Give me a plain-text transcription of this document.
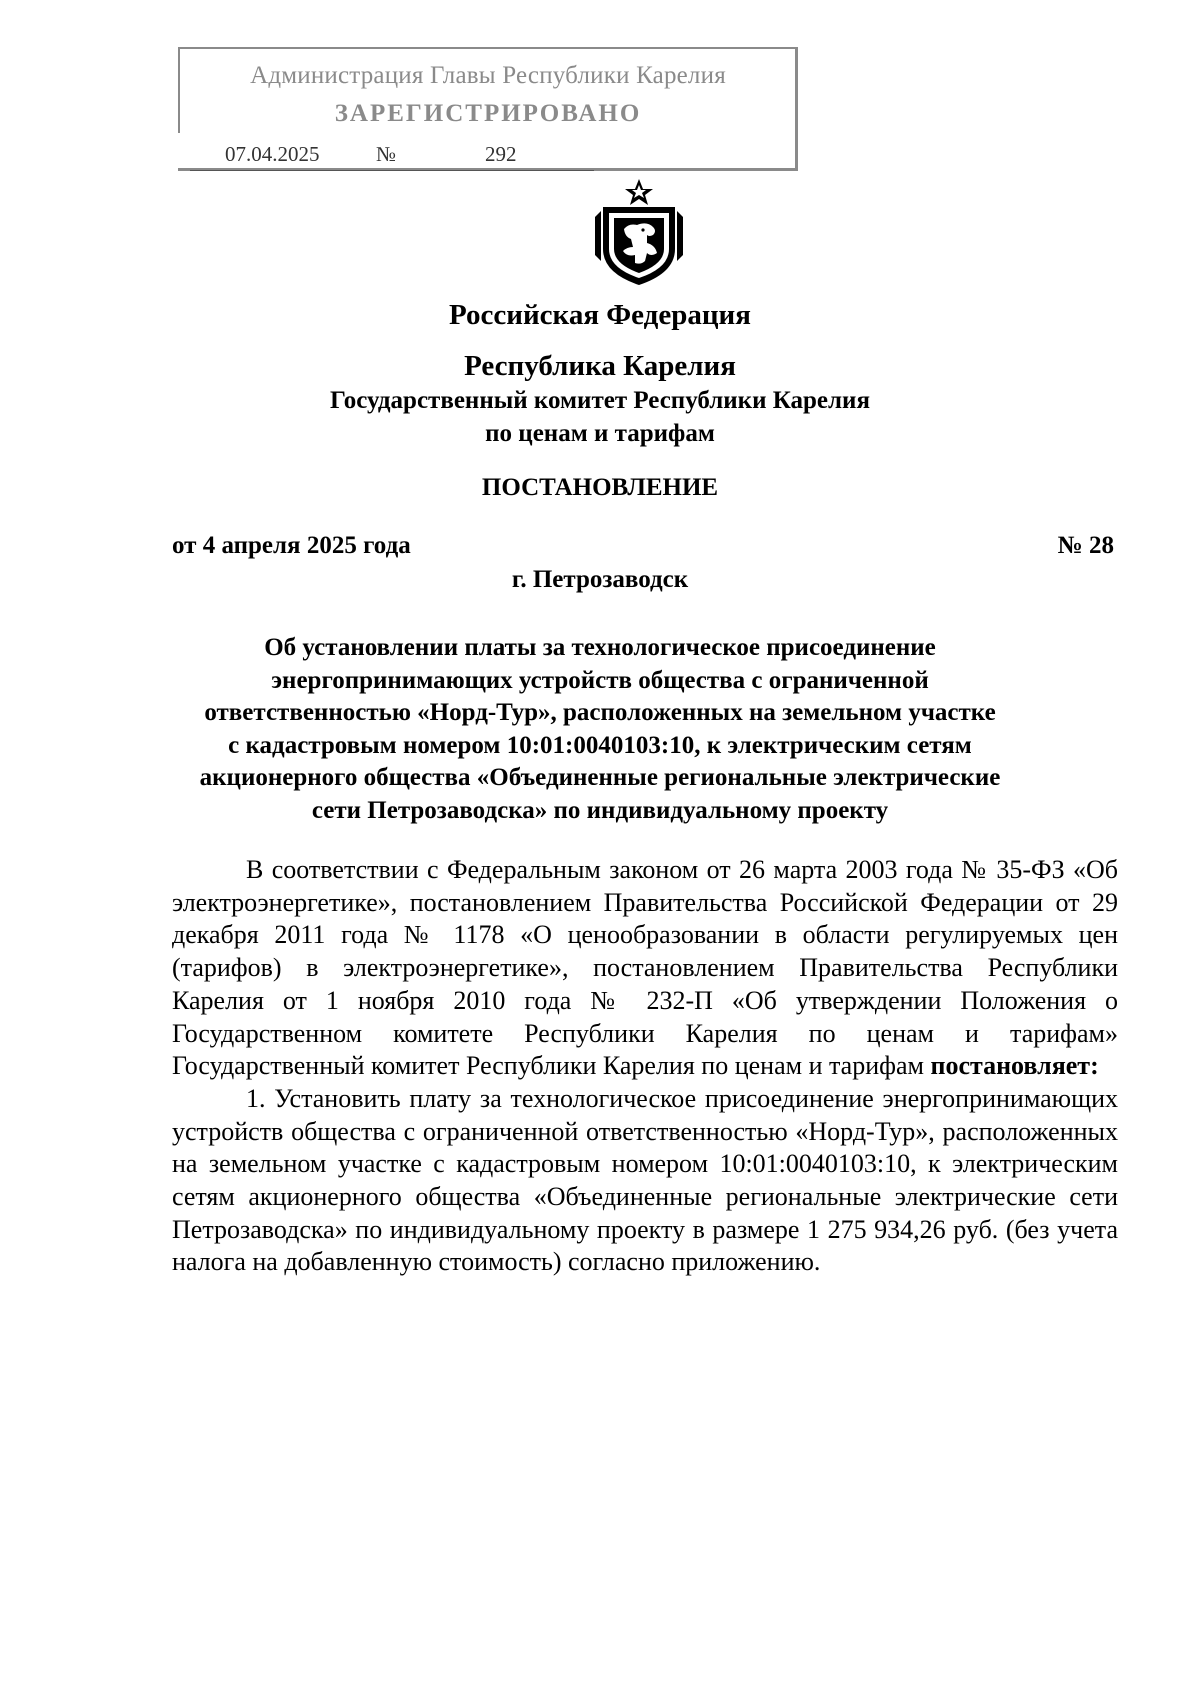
Администрация Главы Республики Карелия
ЗАРЕГИСТРИРОВАНО
07.04.2025	№	292
Российская Федерация
Республика Карелия
Государственный комитет Республики Карелия
по ценам и тарифам
ПОСТАНОВЛЕНИЕ
от 4 апреля 2025 года	№ 28
г. Петрозаводск
Об установлении платы за технологическое присоединение
энергопринимающих устройств общества с ограниченной
ответственностью «Норд-Тур», расположенных на земельном участке
с кадастровым номером 10:01:0040103:10, к электрическим сетям
акционерного общества «Объединенные региональные электрические
сети Петрозаводска» по индивидуальному проекту

В соответствии с Федеральным законом от 26 марта 2003 года № 35-ФЗ «Об электроэнергетике», постановлением Правительства Российской Федерации от 29 декабря 2011 года № 1178 «О ценообразовании в области регулируемых цен (тарифов) в электроэнергетике», постановлением Правительства Республики Карелия от 1 ноября 2010 года № 232-П «Об утверждении Положения о Государственном комитете Республики Карелия по ценам и тарифам» Государственный комитет Республики Карелия по ценам и тарифам постановляет:

1. Установить плату за технологическое присоединение энергопринимающих устройств общества с ограниченной ответственностью «Норд-Тур», расположенных на земельном участке с кадастровым номером 10:01:0040103:10, к электрическим сетям акционерного общества «Объединенные региональные электрические сети Петрозаводска» по индивидуальному проекту в размере 1 275 934,26 руб. (без учета налога на добавленную стоимость) согласно приложению.
